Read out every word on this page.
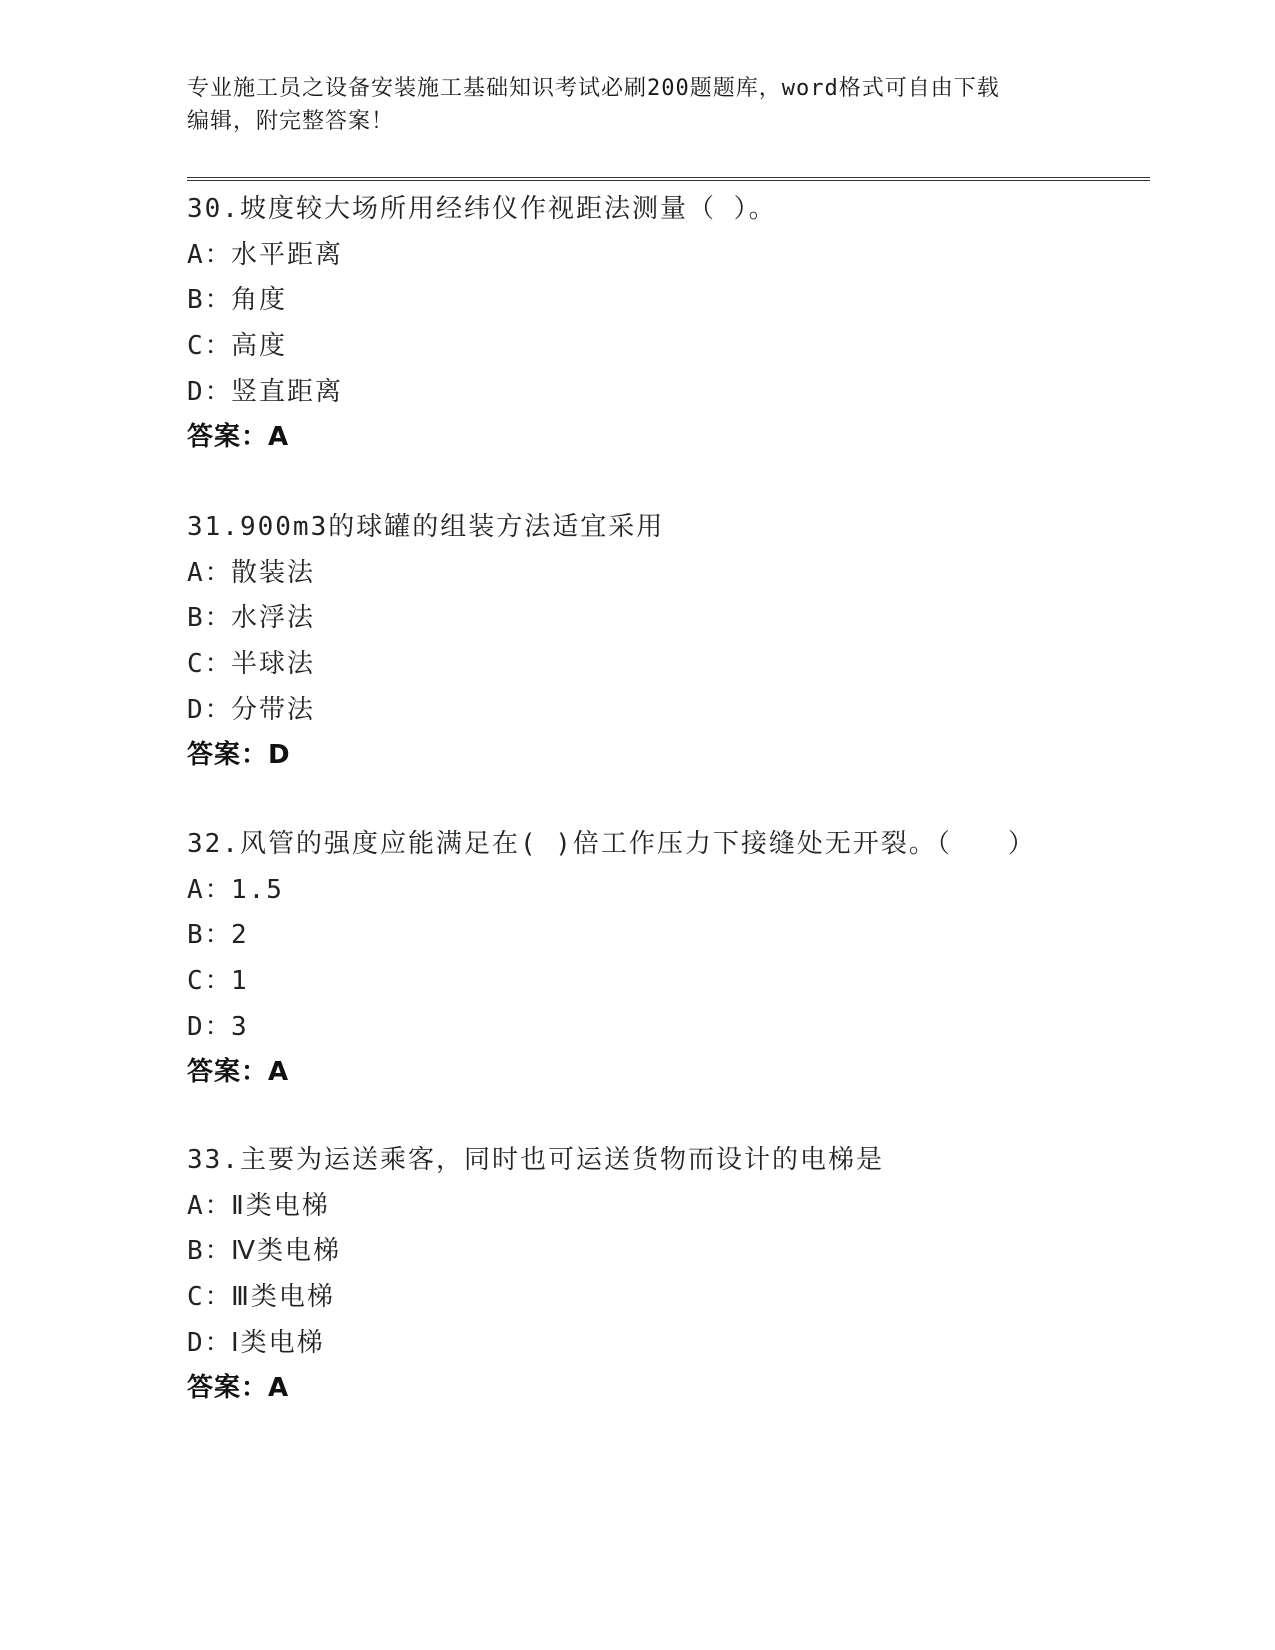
专业施工员之设备安装施工基础知识考试必刷200题题库，word格式可自由下载
编辑，附完整答案！
30.坡度较大场所用经纬仪作视距法测量（ ）。
A：水平距离
B：角度
C：高度
D：竖直距离
答案：A
31.900m3的球罐的组装方法适宜采用
A：散装法
B：水浮法
C：半球法
D：分带法
答案：D
32.风管的强度应能满足在( )倍工作压力下接缝处无开裂。（　　）
A：1.5
B：2
C：1
D：3
答案：A
33.主要为运送乘客，同时也可运送货物而设计的电梯是
A：Ⅱ类电梯
B：Ⅳ类电梯
C：Ⅲ类电梯
D：Ⅰ类电梯
答案：A
